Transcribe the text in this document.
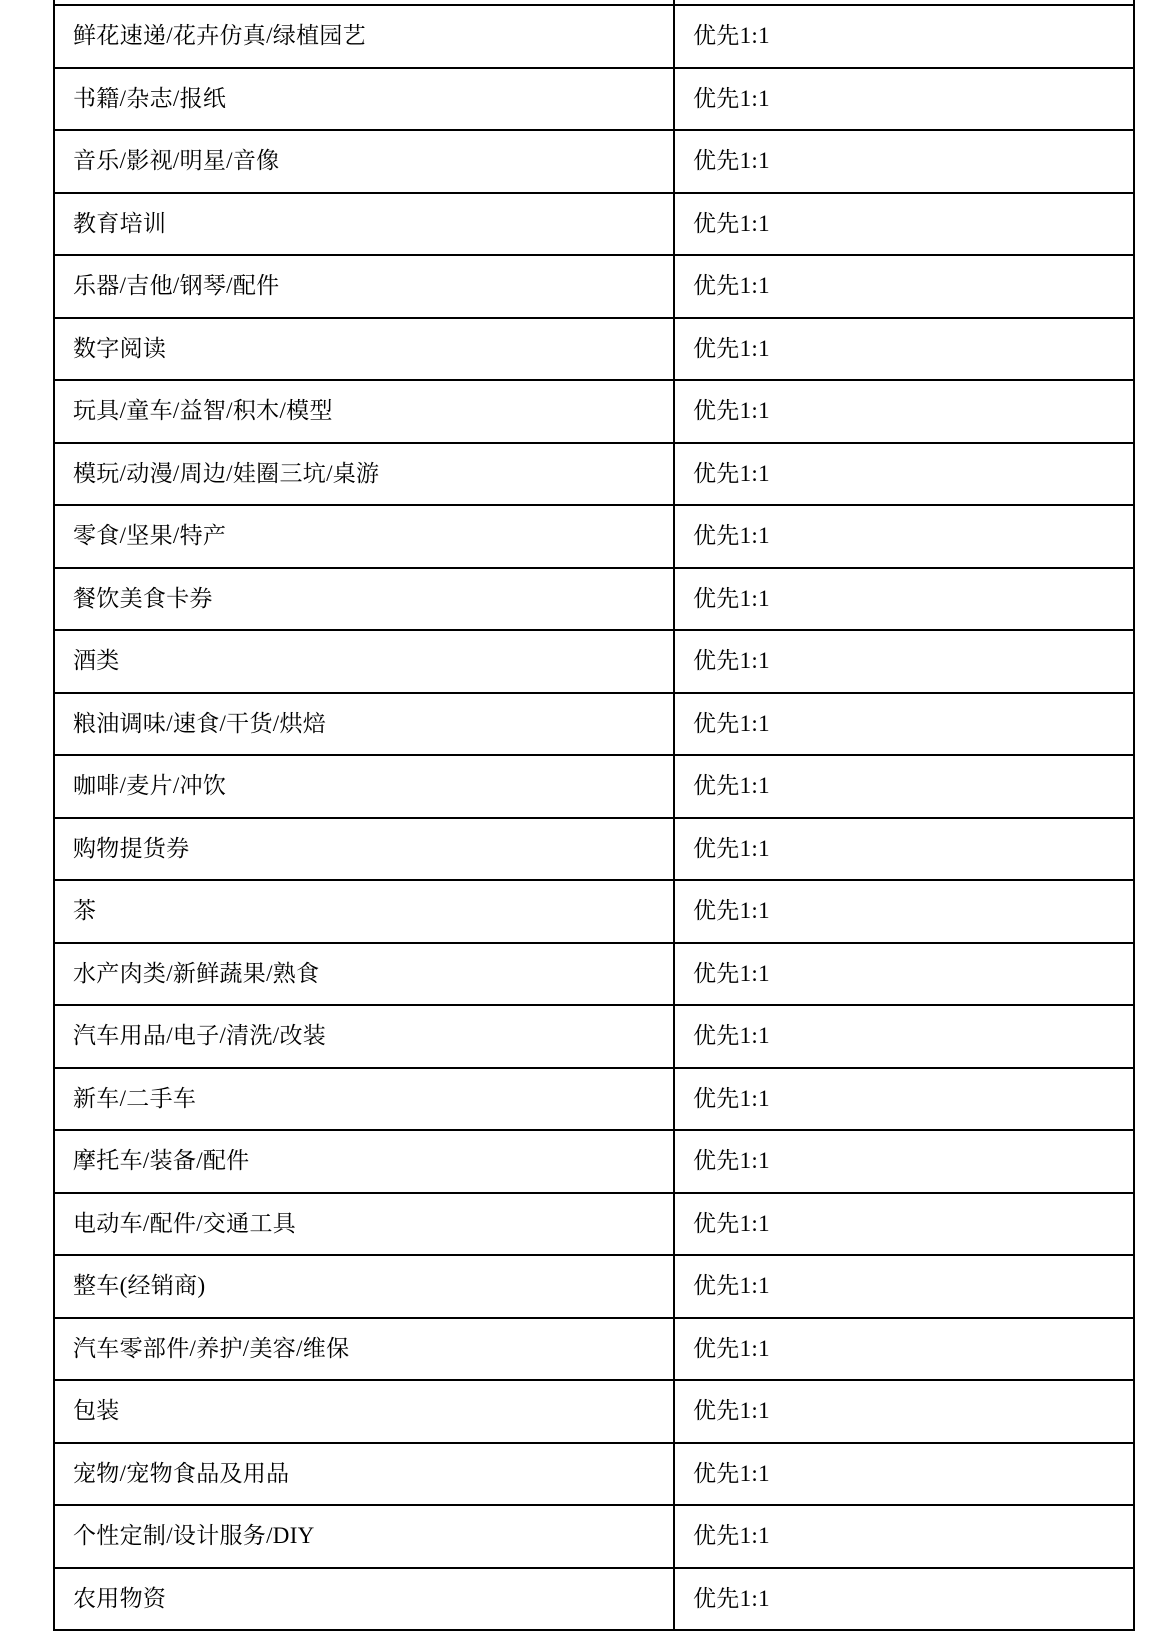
鲜花速递/花卉仿真/绿植园艺	优先1:1
书籍/杂志/报纸	优先1:1
音乐/影视/明星/音像	优先1:1
教育培训	优先1:1
乐器/吉他/钢琴/配件	优先1:1
数字阅读	优先1:1
玩具/童车/益智/积木/模型	优先1:1
模玩/动漫/周边/娃圈三坑/桌游	优先1:1
零食/坚果/特产	优先1:1
餐饮美食卡券	优先1:1
酒类	优先1:1
粮油调味/速食/干货/烘焙	优先1:1
咖啡/麦片/冲饮	优先1:1
购物提货券	优先1:1
茶	优先1:1
水产肉类/新鲜蔬果/熟食	优先1:1
汽车用品/电子/清洗/改装	优先1:1
新车/二手车	优先1:1
摩托车/装备/配件	优先1:1
电动车/配件/交通工具	优先1:1
整车(经销商)	优先1:1
汽车零部件/养护/美容/维保	优先1:1
包装	优先1:1
宠物/宠物食品及用品	优先1:1
个性定制/设计服务/DIY	优先1:1
农用物资	优先1:1
